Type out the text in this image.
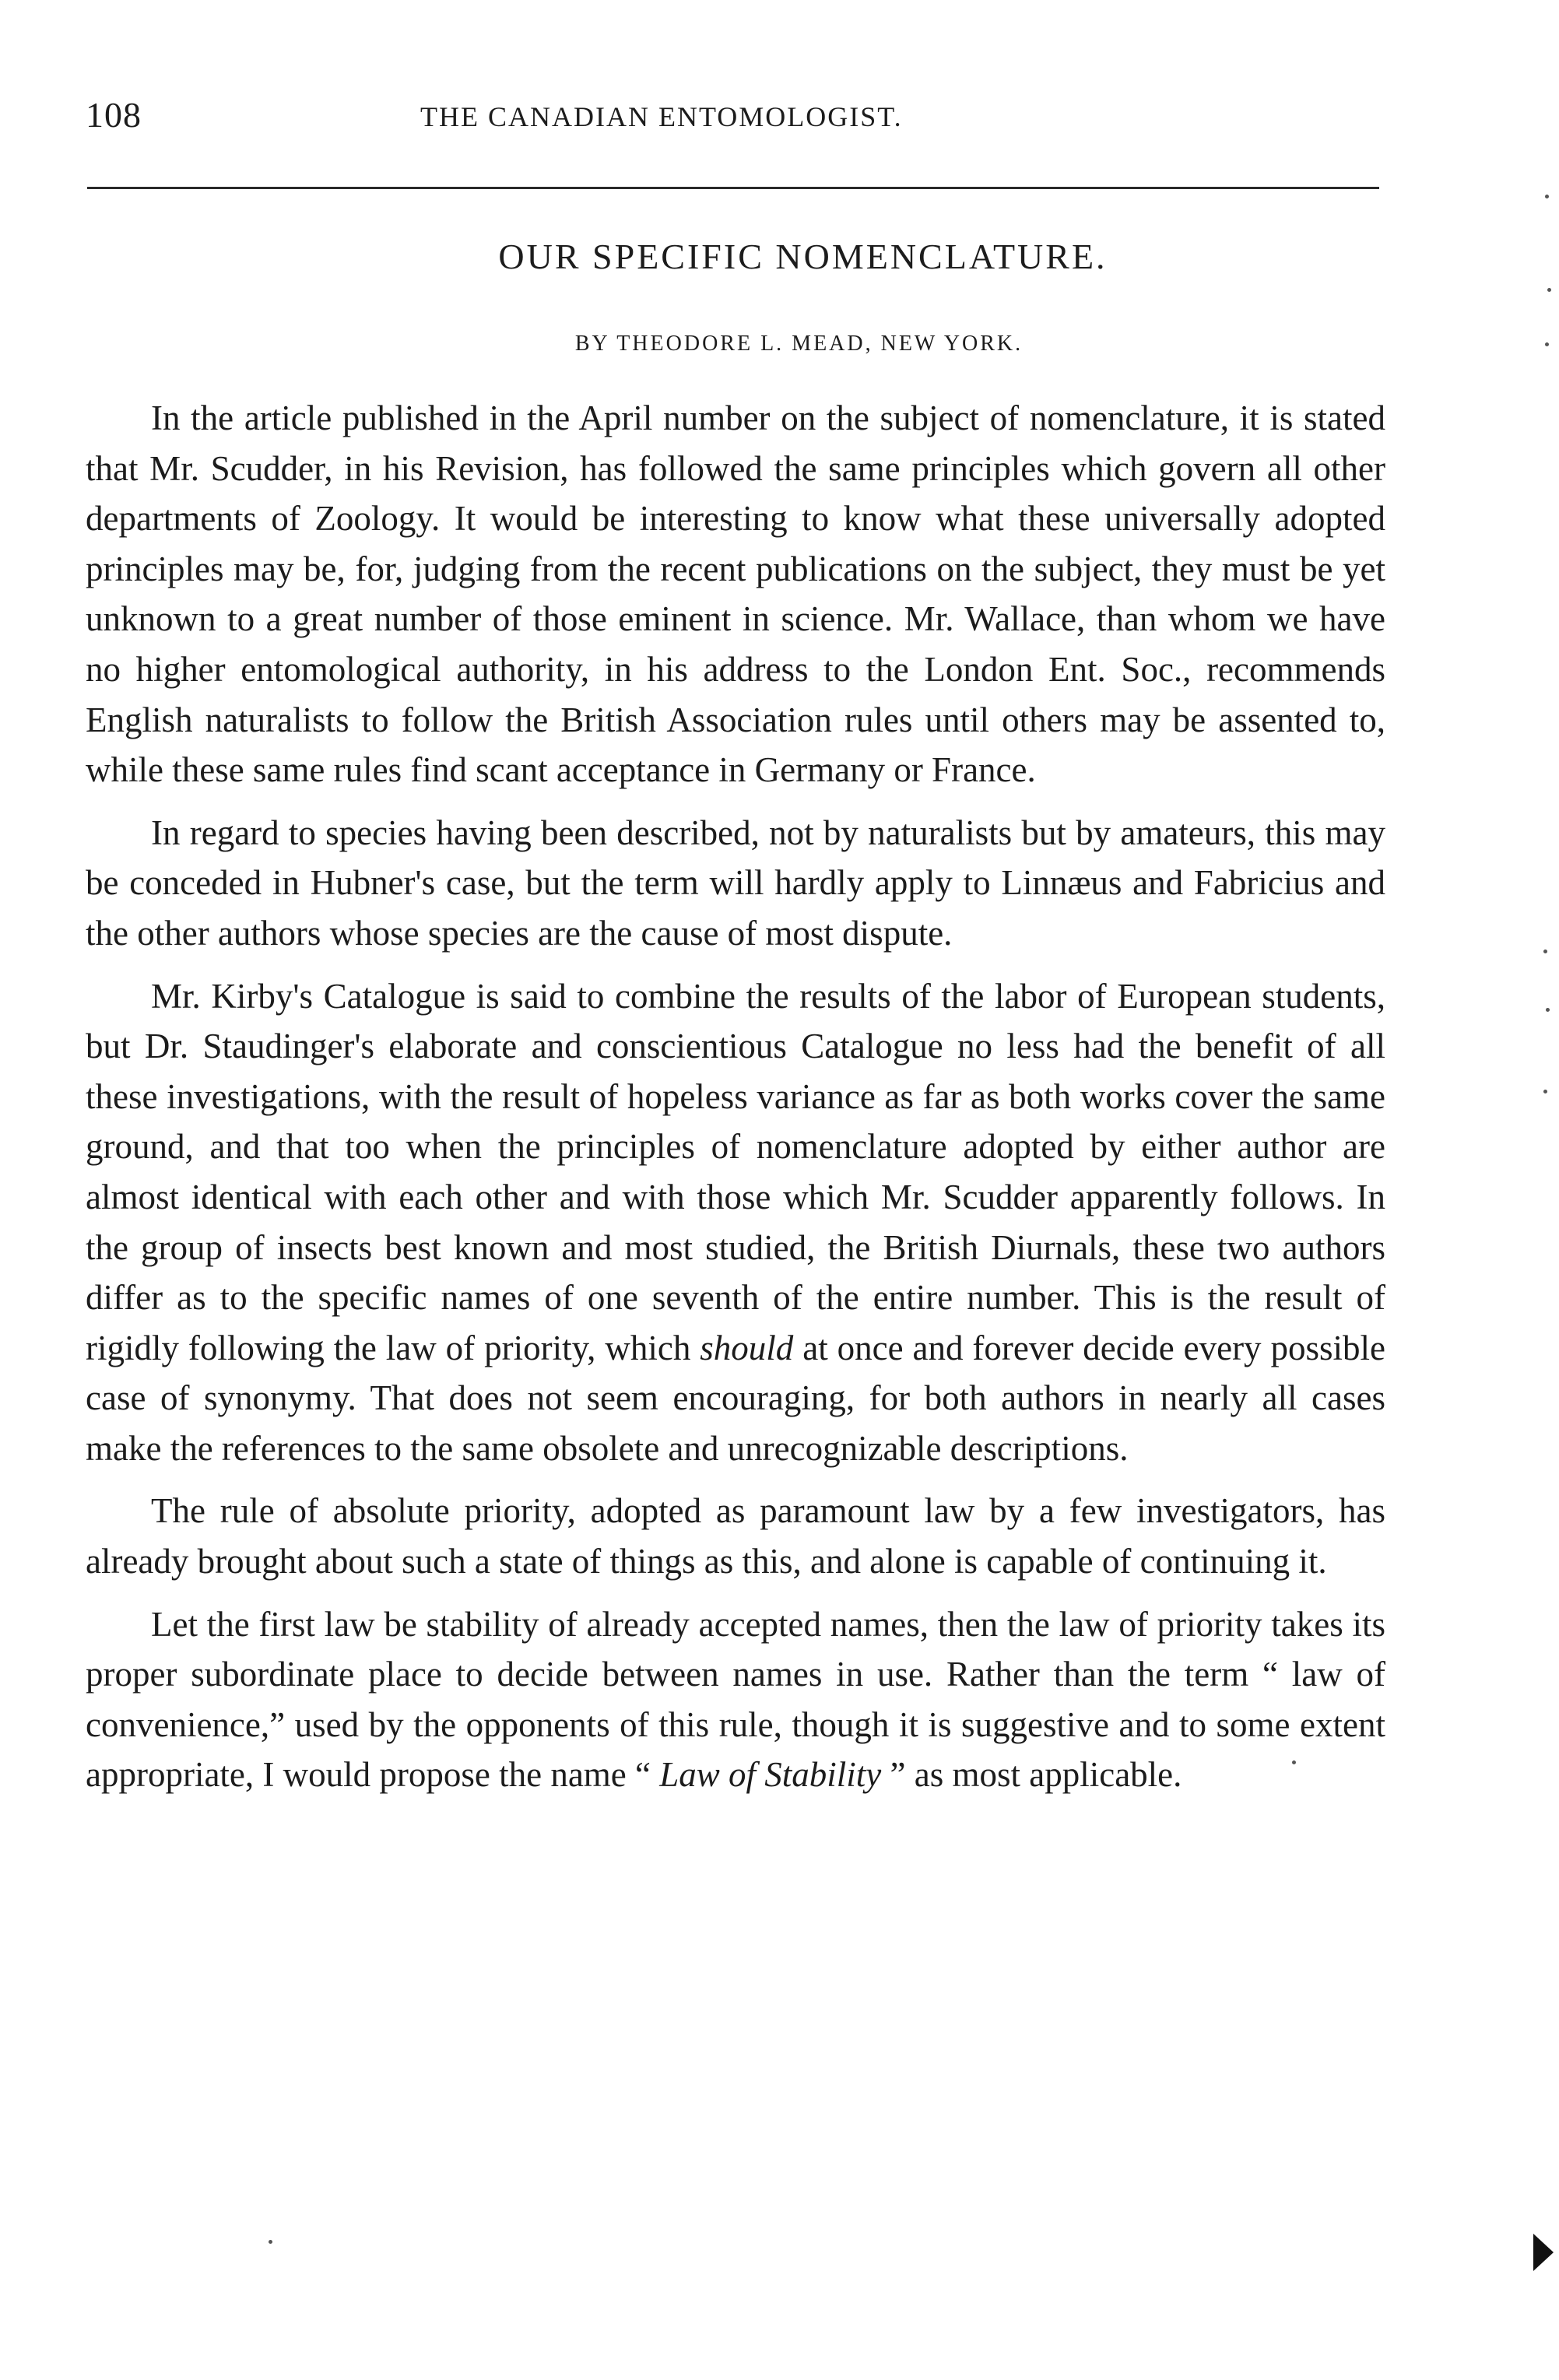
108	THE CANADIAN ENTOMOLOGIST.
OUR SPECIFIC NOMENCLATURE.
BY THEODORE L. MEAD, NEW YORK.

In the article published in the April number on the subject of nomenclature, it is stated that Mr. Scudder, in his Revision, has followed the same principles which govern all other departments of Zoology. It would be interesting to know what these universally adopted principles may be, for, judging from the recent publications on the subject, they must be yet unknown to a great number of those eminent in science. Mr. Wallace, than whom we have no higher entomological authority, in his address to the London Ent. Soc., recommends English naturalists to follow the British Association rules until others may be assented to, while these same rules find scant acceptance in Germany or France.

In regard to species having been described, not by naturalists but by amateurs, this may be conceded in Hubner's case, but the term will hardly apply to Linnæus and Fabricius and the other authors whose species are the cause of most dispute.

Mr. Kirby's Catalogue is said to combine the results of the labor of European students, but Dr. Staudinger's elaborate and conscientious Catalogue no less had the benefit of all these investigations, with the result of hopeless variance as far as both works cover the same ground, and that too when the principles of nomenclature adopted by either author are almost identical with each other and with those which Mr. Scudder apparently follows. In the group of insects best known and most studied, the British Diurnals, these two authors differ as to the specific names of one seventh of the entire number. This is the result of rigidly following the law of priority, which should at once and forever decide every possible case of synonymy. That does not seem encouraging, for both authors in nearly all cases make the references to the same obsolete and unrecognizable descriptions.

The rule of absolute priority, adopted as paramount law by a few investigators, has already brought about such a state of things as this, and alone is capable of continuing it.

Let the first law be stability of already accepted names, then the law of priority takes its proper subordinate place to decide between names in use. Rather than the term “ law of convenience,” used by the opponents of this rule, though it is suggestive and to some extent appropriate, I would propose the name “ Law of Stability ” as most applicable.
